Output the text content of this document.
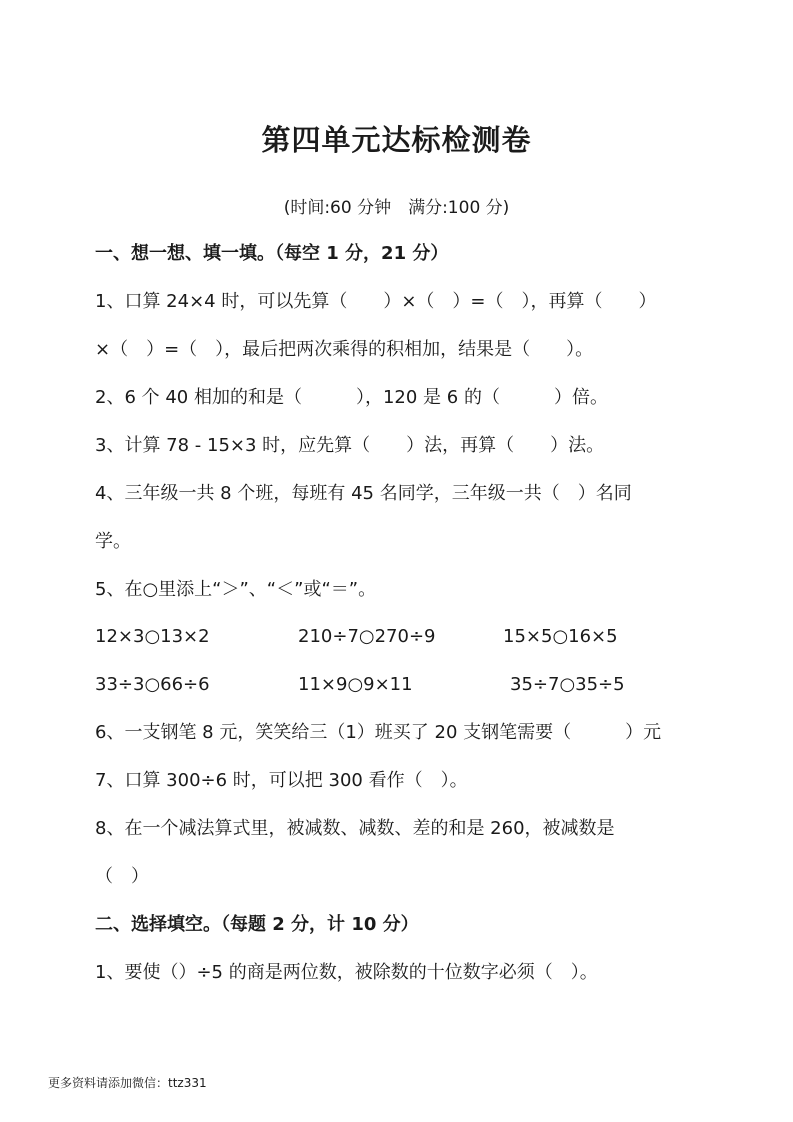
第四单元达标检测卷
(时间:60 分钟　满分:100 分)
一、想一想、填一填。（每空 1 分，21 分）
1、口算 24×4 时，可以先算（　　）×（　）=（　），再算（　　）
×（　）=（　），最后把两次乘得的积相加，结果是（　　）。
2、6 个 40 相加的和是（　　　），120 是 6 的（　　　）倍。
3、计算 78 - 15×3 时，应先算（　　）法，再算（　　）法。
4、三年级一共 8 个班，每班有 45 名同学，三年级一共（　）名同
学。
5、在○里添上“＞”、“＜”或“＝”。
12×3○13×2	210÷7○270÷9	15×5○16×5
33÷3○66÷6	11×9○9×11	35÷7○35÷5
6、一支钢笔 8 元，笑笑给三（1）班买了 20 支钢笔需要（　　　）元
7、口算 300÷6 时，可以把 300 看作（　）。
8、在一个减法算式里，被减数、减数、差的和是 260，被减数是
（　）
二、选择填空。（每题 2 分，计 10 分）
1、要使（）÷5 的商是两位数，被除数的十位数字必须（　）。
更多资料请添加微信：ttz331
